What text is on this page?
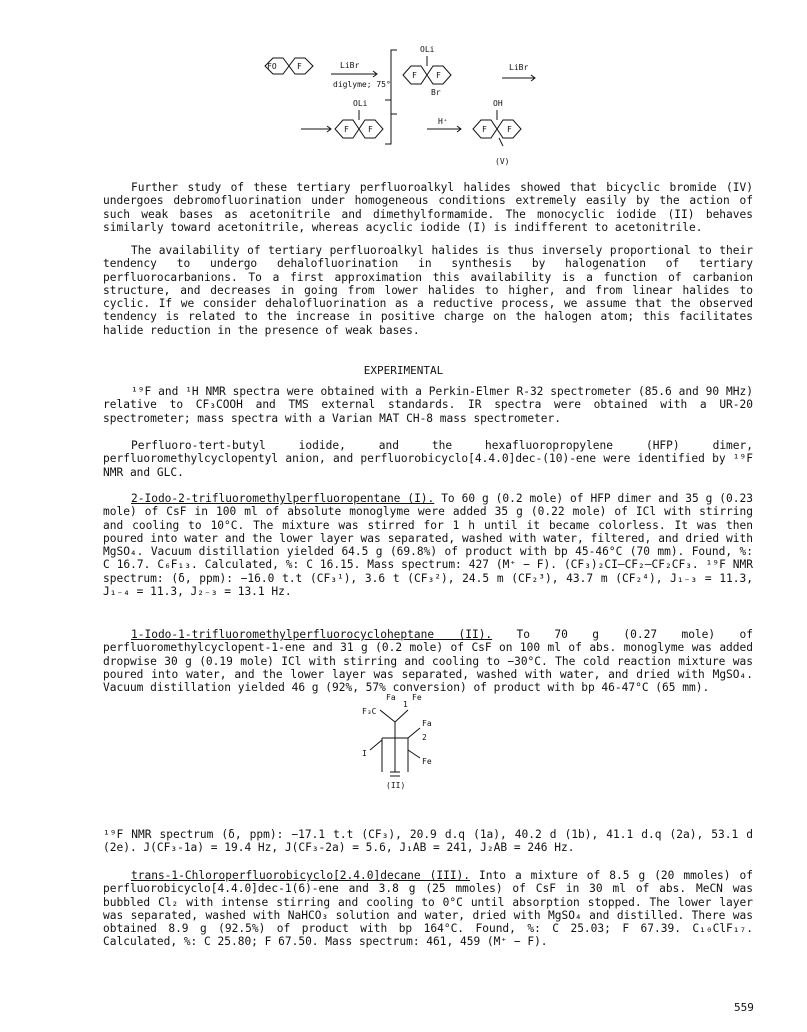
FO	F	LiBr
diglyme; 75°
OLi
F F
Br
LiBr
OLi
F F
H⁺
OH
F	F
(V)
Further study of these tertiary perfluoroalkyl halides showed that bicyclic bromide (IV) undergoes debromofluorination under homogeneous conditions extremely easily by the action of such weak bases as acetonitrile and dimethylformamide. The monocyclic iodide (II) behaves similarly toward acetonitrile, whereas acyclic iodide (I) is indifferent to acetonitrile.
The availability of tertiary perfluoroalkyl halides is thus inversely proportional to their tendency to undergo dehalofluorination in synthesis by halogenation of tertiary perfluorocarbanions. To a first approximation this availability is a function of carbanion structure, and decreases in going from lower halides to higher, and from linear halides to cyclic. If we consider dehalofluorination as a reductive process, we assume that the observed tendency is related to the increase in positive charge on the halogen atom; this facilitates halide reduction in the presence of weak bases.
EXPERIMENTAL
¹⁹F and ¹H NMR spectra were obtained with a Perkin-Elmer R-32 spectrometer (85.6 and 90 MHz) relative to CF₃COOH and TMS external standards. IR spectra were obtained with a UR-20 spectrometer; mass spectra with a Varian MAT CH-8 mass spectrometer.
Perfluoro-tert-butyl iodide, and the hexafluoropropylene (HFP) dimer, perfluoromethylcyclopentyl anion, and perfluorobicyclo[4.4.0]dec-(10)-ene were identified by ¹⁹F NMR and GLC.
2-Iodo-2-trifluoromethylperfluoropentane (I). To 60 g (0.2 mole) of HFP dimer and 35 g (0.23 mole) of CsF in 100 ml of absolute monoglyme were added 35 g (0.22 mole) of ICl with stirring and cooling to 10°C. The mixture was stirred for 1 h until it became colorless. It was then poured into water and the lower layer was separated, washed with water, filtered, and dried with MgSO₄. Vacuum distillation yielded 64.5 g (69.8%) of product with bp 45-46°C (70 mm). Found, %: C 16.7. C₆F₁₃. Calculated, %: C 16.15. Mass spectrum: 427 (M⁺ − F). (CF₃)₂CI–CF₂–CF₂CF₃. ¹⁹F NMR spectrum: (δ, ppm): −16.0 t.t (CF₃¹), 3.6 t (CF₃²), 24.5 m (CF₂³), 43.7 m (CF₂⁴), J₁₋₃ = 11.3, J₁₋₄ = 11.3, J₂₋₃ = 13.1 Hz.
1-Iodo-1-trifluoromethylperfluorocycloheptane (II). To 70 g (0.27 mole) of perfluoromethylcyclopent-1-ene and 31 g (0.2 mole) of CsF on 100 ml of abs. monoglyme was added dropwise 30 g (0.19 mole) ICl with stirring and cooling to −30°C. The cold reaction mixture was poured into water, and the lower layer was separated, washed with water, and dried with MgSO₄. Vacuum distillation yielded 46 g (92%, 57% conversion) of product with bp 46-47°C (65 mm).
Fa
1
Fe
F₃C
Fa
2
I
Fe
(II)
¹⁹F NMR spectrum (δ, ppm): −17.1 t.t (CF₃), 20.9 d.q (1a), 40.2 d (1b), 41.1 d.q (2a), 53.1 d (2e). J(CF₃-1a) = 19.4 Hz, J(CF₃-2a) = 5.6, J₁AB = 241, J₂AB = 246 Hz.
trans-1-Chloroperfluorobicyclo[2.4.0]decane (III). Into a mixture of 8.5 g (20 mmoles) of perfluorobicyclo[4.4.0]dec-1(6)-ene and 3.8 g (25 mmoles) of CsF in 30 ml of abs. MeCN was bubbled Cl₂ with intense stirring and cooling to 0°C until absorption stopped. The lower layer was separated, washed with NaHCO₃ solution and water, dried with MgSO₄ and distilled. There was obtained 8.9 g (92.5%) of product with bp 164°C. Found, %: C 25.03; F 67.39. C₁₀ClF₁₇. Calculated, %: C 25.80; F 67.50. Mass spectrum: 461, 459 (M⁺ − F).
559
